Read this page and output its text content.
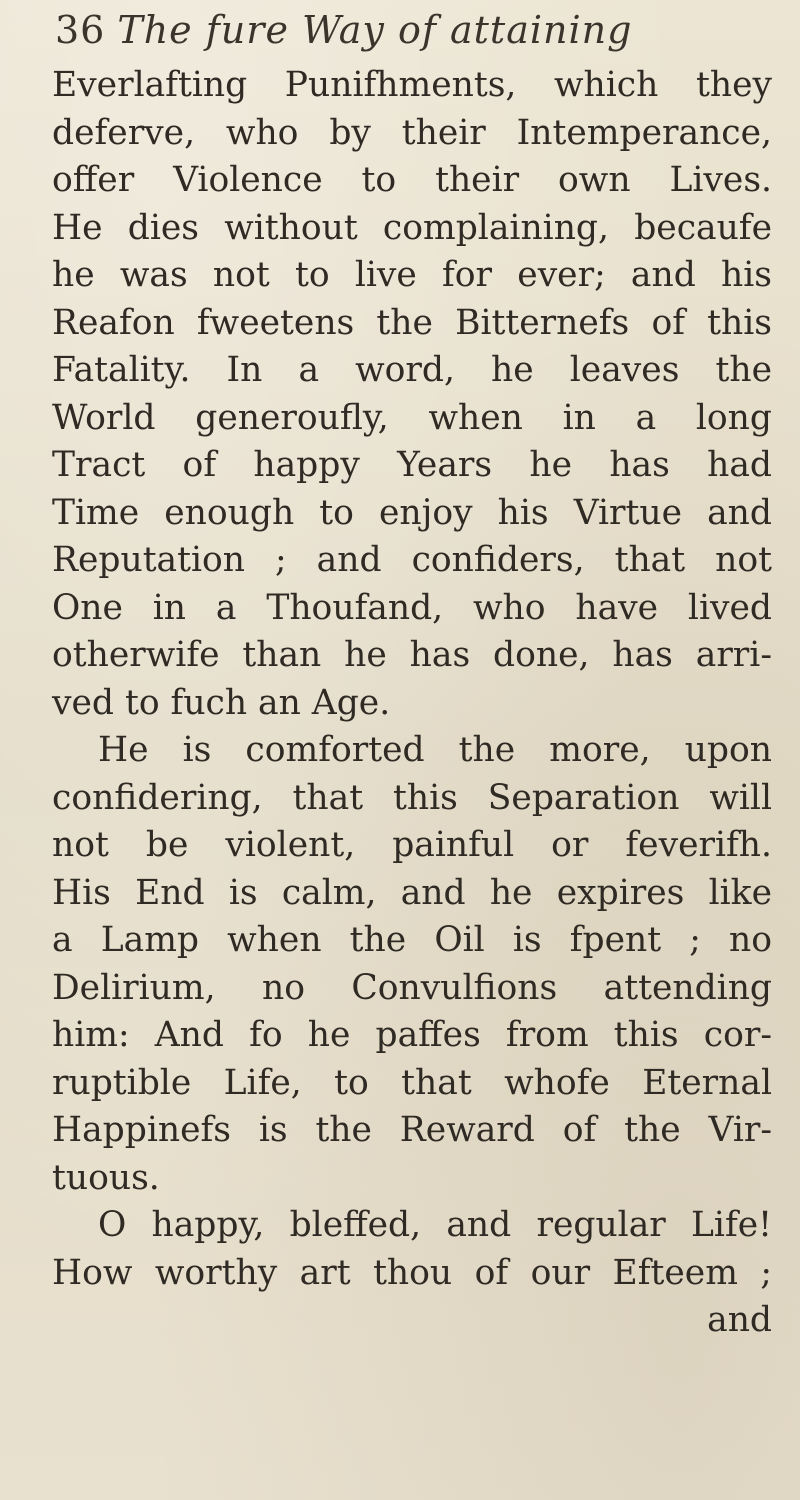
36 The fure Way of attaining
Everlafting Punifhments, which they
deferve, who by their Intemperance,
offer Violence to their own Lives.
He dies without complaining, becaufe
he was not to live for ever; and his
Reafon fweetens the Bitternefs of this
Fatality. In a word, he leaves the
World generoufly, when in a long
Tract of happy Years he has had
Time enough to enjoy his Virtue and
Reputation ; and confiders, that not
One in a Thoufand, who have lived
otherwife than he has done, has arri-
ved to fuch an Age.
He is comforted the more, upon
confidering, that this Separation will
not be violent, painful or feverifh.
His End is calm, and he expires like
a Lamp when the Oil is fpent ; no
Delirium, no Convulfions attending
him: And fo he paffes from this cor-
ruptible Life, to that whofe Eternal
Happinefs is the Reward of the Vir-
tuous.
O happy, bleffed, and regular Life!
How worthy art thou of our Efteem ;
and
